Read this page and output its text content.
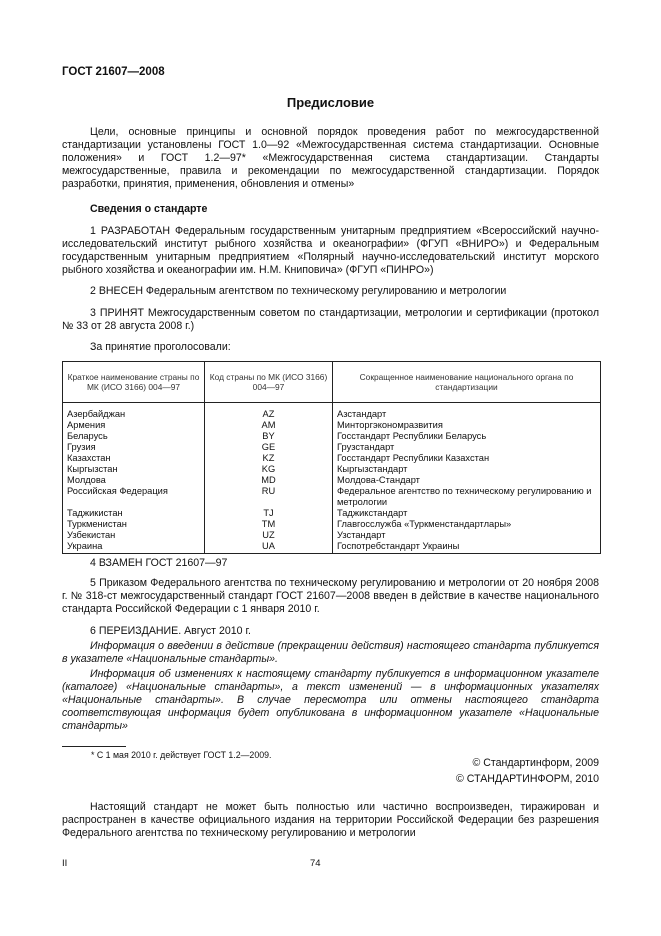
ГОСТ 21607—2008
Предисловие

Цели, основные принципы и основной порядок проведения работ по межгосударственной стандартизации установлены ГОСТ 1.0—92 «Межгосударственная система стандартизации. Основные положения» и ГОСТ 1.2—97* «Межгосударственная система стандартизации. Стандарты межгосударственные, правила и рекомендации по межгосударственной стандартизации. Порядок разработки, принятия, применения, обновления и отмены»

Сведения о стандарте

1 РАЗРАБОТАН Федеральным государственным унитарным предприятием «Всероссийский научно-исследовательский институт рыбного хозяйства и океанографии» (ФГУП «ВНИРО») и Федеральным государственным унитарным предприятием «Полярный научно-исследовательский институт морского рыбного хозяйства и океанографии им. Н.М. Книповича» (ФГУП «ПИНРО»)

2 ВНЕСЕН Федеральным агентством по техническому регулированию и метрологии

3 ПРИНЯТ Межгосударственным советом по стандартизации, метрологии и сертификации (протокол № 33 от 28 августа 2008 г.)

За принятие проголосовали:

Краткое наименование страны по МК (ИСО 3166) 004—97	Код страны по МК (ИСО 3166) 004—97	Сокращенное наименование национального органа по стандартизации
Азербайджан	AZ	Азстандарт
Армения	AM	Минторгэкономразвития
Беларусь	BY	Госстандарт Республики Беларусь
Грузия	GE	Грузстандарт
Казахстан	KZ	Госстандарт Республики Казахстан
Кыргызстан	KG	Кыргызстандарт
Молдова	MD	Молдова-Стандарт
Российская Федерация	RU	Федеральное агентство по техническому регулированию и метрологии
Таджикистан	TJ	Таджикстандарт
Туркменистан	TM	Главгосслужба «Туркменстандартлары»
Узбекистан	UZ	Узстандарт
Украина	UA	Госпотребстандарт Украины

4 ВЗАМЕН ГОСТ 21607—97

5 Приказом Федерального агентства по техническому регулированию и метрологии от 20 ноября 2008 г. № 318-ст межгосударственный стандарт ГОСТ 21607—2008 введен в действие в качестве национального стандарта Российской Федерации с 1 января 2010 г.

6 ПЕРЕИЗДАНИЕ. Август 2010 г.

Информация о введении в действие (прекращении действия) настоящего стандарта публикуется в указателе «Национальные стандарты».

Информация об изменениях к настоящему стандарту публикуется в информационном указателе (каталоге) «Национальные стандарты», а текст изменений — в информационных указателях «Национальные стандарты». В случае пересмотра или отмены настоящего стандарта соответствующая информация будет опубликована в информационном указателе «Национальные стандарты»

* С 1 мая 2010 г. действует ГОСТ 1.2—2009.
© Стандартинформ, 2009
© СТАНДАРТИНФОРМ, 2010

Настоящий стандарт не может быть полностью или частично воспроизведен, тиражирован и распространен в качестве официального издания на территории Российской Федерации без разрешения Федерального агентства по техническому регулированию и метрологии

II	74
